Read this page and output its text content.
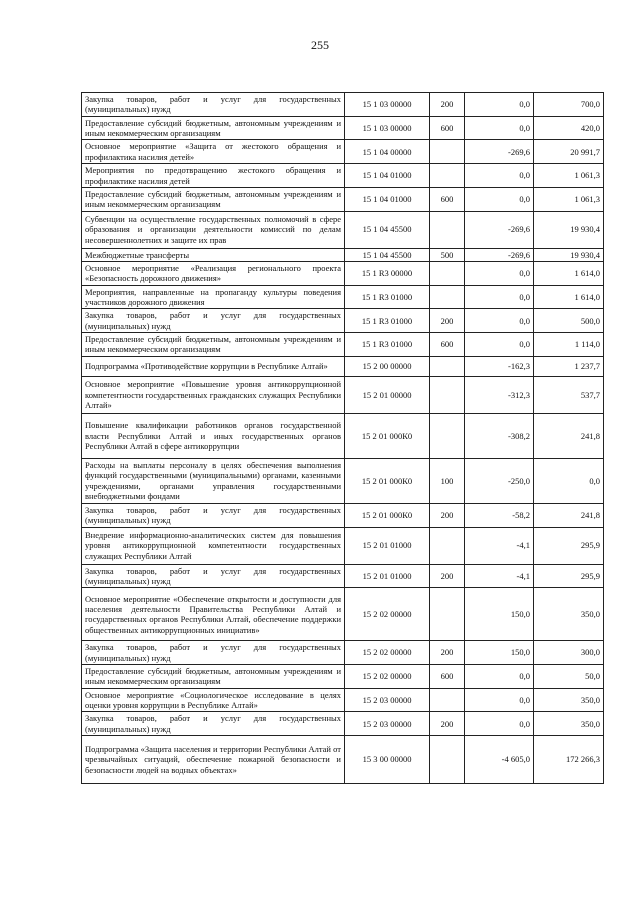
255
Закупка товаров, работ и услуг для государственных (муниципальных) нужд	15 1 03 00000	200	0,0	700,0
Предоставление субсидий бюджетным, автономным учреждениям и иным некоммерческим организациям	15 1 03 00000	600	0,0	420,0
Основное мероприятие «Защита от жестокого обращения и профилактика насилия детей»	15 1 04 00000		-269,6	20 991,7
Мероприятия по предотвращению жестокого обращения и профилактике насилия детей	15 1 04 01000		0,0	1 061,3
Предоставление субсидий бюджетным, автономным учреждениям и иным некоммерческим организациям	15 1 04 01000	600	0,0	1 061,3
Субвенции на осуществление государственных полномочий в сфере образования и организации деятельности комиссий по делам несовершеннолетних и защите их прав	15 1 04 45500		-269,6	19 930,4
Межбюджетные трансферты	15 1 04 45500	500	-269,6	19 930,4
Основное мероприятие «Реализация регионального проекта «Безопасность дорожного движения»	15 1 R3 00000		0,0	1 614,0
Мероприятия, направленные на пропаганду культуры поведения участников дорожного движения	15 1 R3 01000		0,0	1 614,0
Закупка товаров, работ и услуг для государственных (муниципальных) нужд	15 1 R3 01000	200	0,0	500,0
Предоставление субсидий бюджетным, автономным учреждениям и иным некоммерческим организациям	15 1 R3 01000	600	0,0	1 114,0
Подпрограмма «Противодействие коррупции в Республике Алтай»	15 2 00 00000		-162,3	1 237,7
Основное мероприятие «Повышение уровня антикоррупционной компетентности государственных гражданских служащих Республики Алтай»	15 2 01 00000		-312,3	537,7
Повышение квалификации работников органов государственной власти Республики Алтай и иных государственных органов Республики Алтай в сфере антикоррупции	15 2 01 000К0		-308,2	241,8
Расходы на выплаты персоналу в целях обеспечения выполнения функций государственными (муниципальными) органами, казенными учреждениями, органами управления государственными внебюджетными фондами	15 2 01 000К0	100	-250,0	0,0
Закупка товаров, работ и услуг для государственных (муниципальных) нужд	15 2 01 000К0	200	-58,2	241,8
Внедрение информационно-аналитических систем для повышения уровня антикоррупционной компетентности государственных служащих Республики Алтай	15 2 01 01000		-4,1	295,9
Закупка товаров, работ и услуг для государственных (муниципальных) нужд	15 2 01 01000	200	-4,1	295,9
Основное мероприятие «Обеспечение открытости и доступности для населения деятельности Правительства Республики Алтай и государственных органов Республики Алтай, обеспечение поддержки общественных антикоррупционных инициатив»	15 2 02 00000		150,0	350,0
Закупка товаров, работ и услуг для государственных (муниципальных) нужд	15 2 02 00000	200	150,0	300,0
Предоставление субсидий бюджетным, автономным учреждениям и иным некоммерческим организациям	15 2 02 00000	600	0,0	50,0
Основное мероприятие «Социологическое исследование в целях оценки уровня коррупции в Республике Алтай»	15 2 03 00000		0,0	350,0
Закупка товаров, работ и услуг для государственных (муниципальных) нужд	15 2 03 00000	200	0,0	350,0
Подпрограмма «Защита населения и территории Республики Алтай от чрезвычайных ситуаций, обеспечение пожарной безопасности и безопасности людей на водных объектах»	15 3 00 00000		-4 605,0	172 266,3
